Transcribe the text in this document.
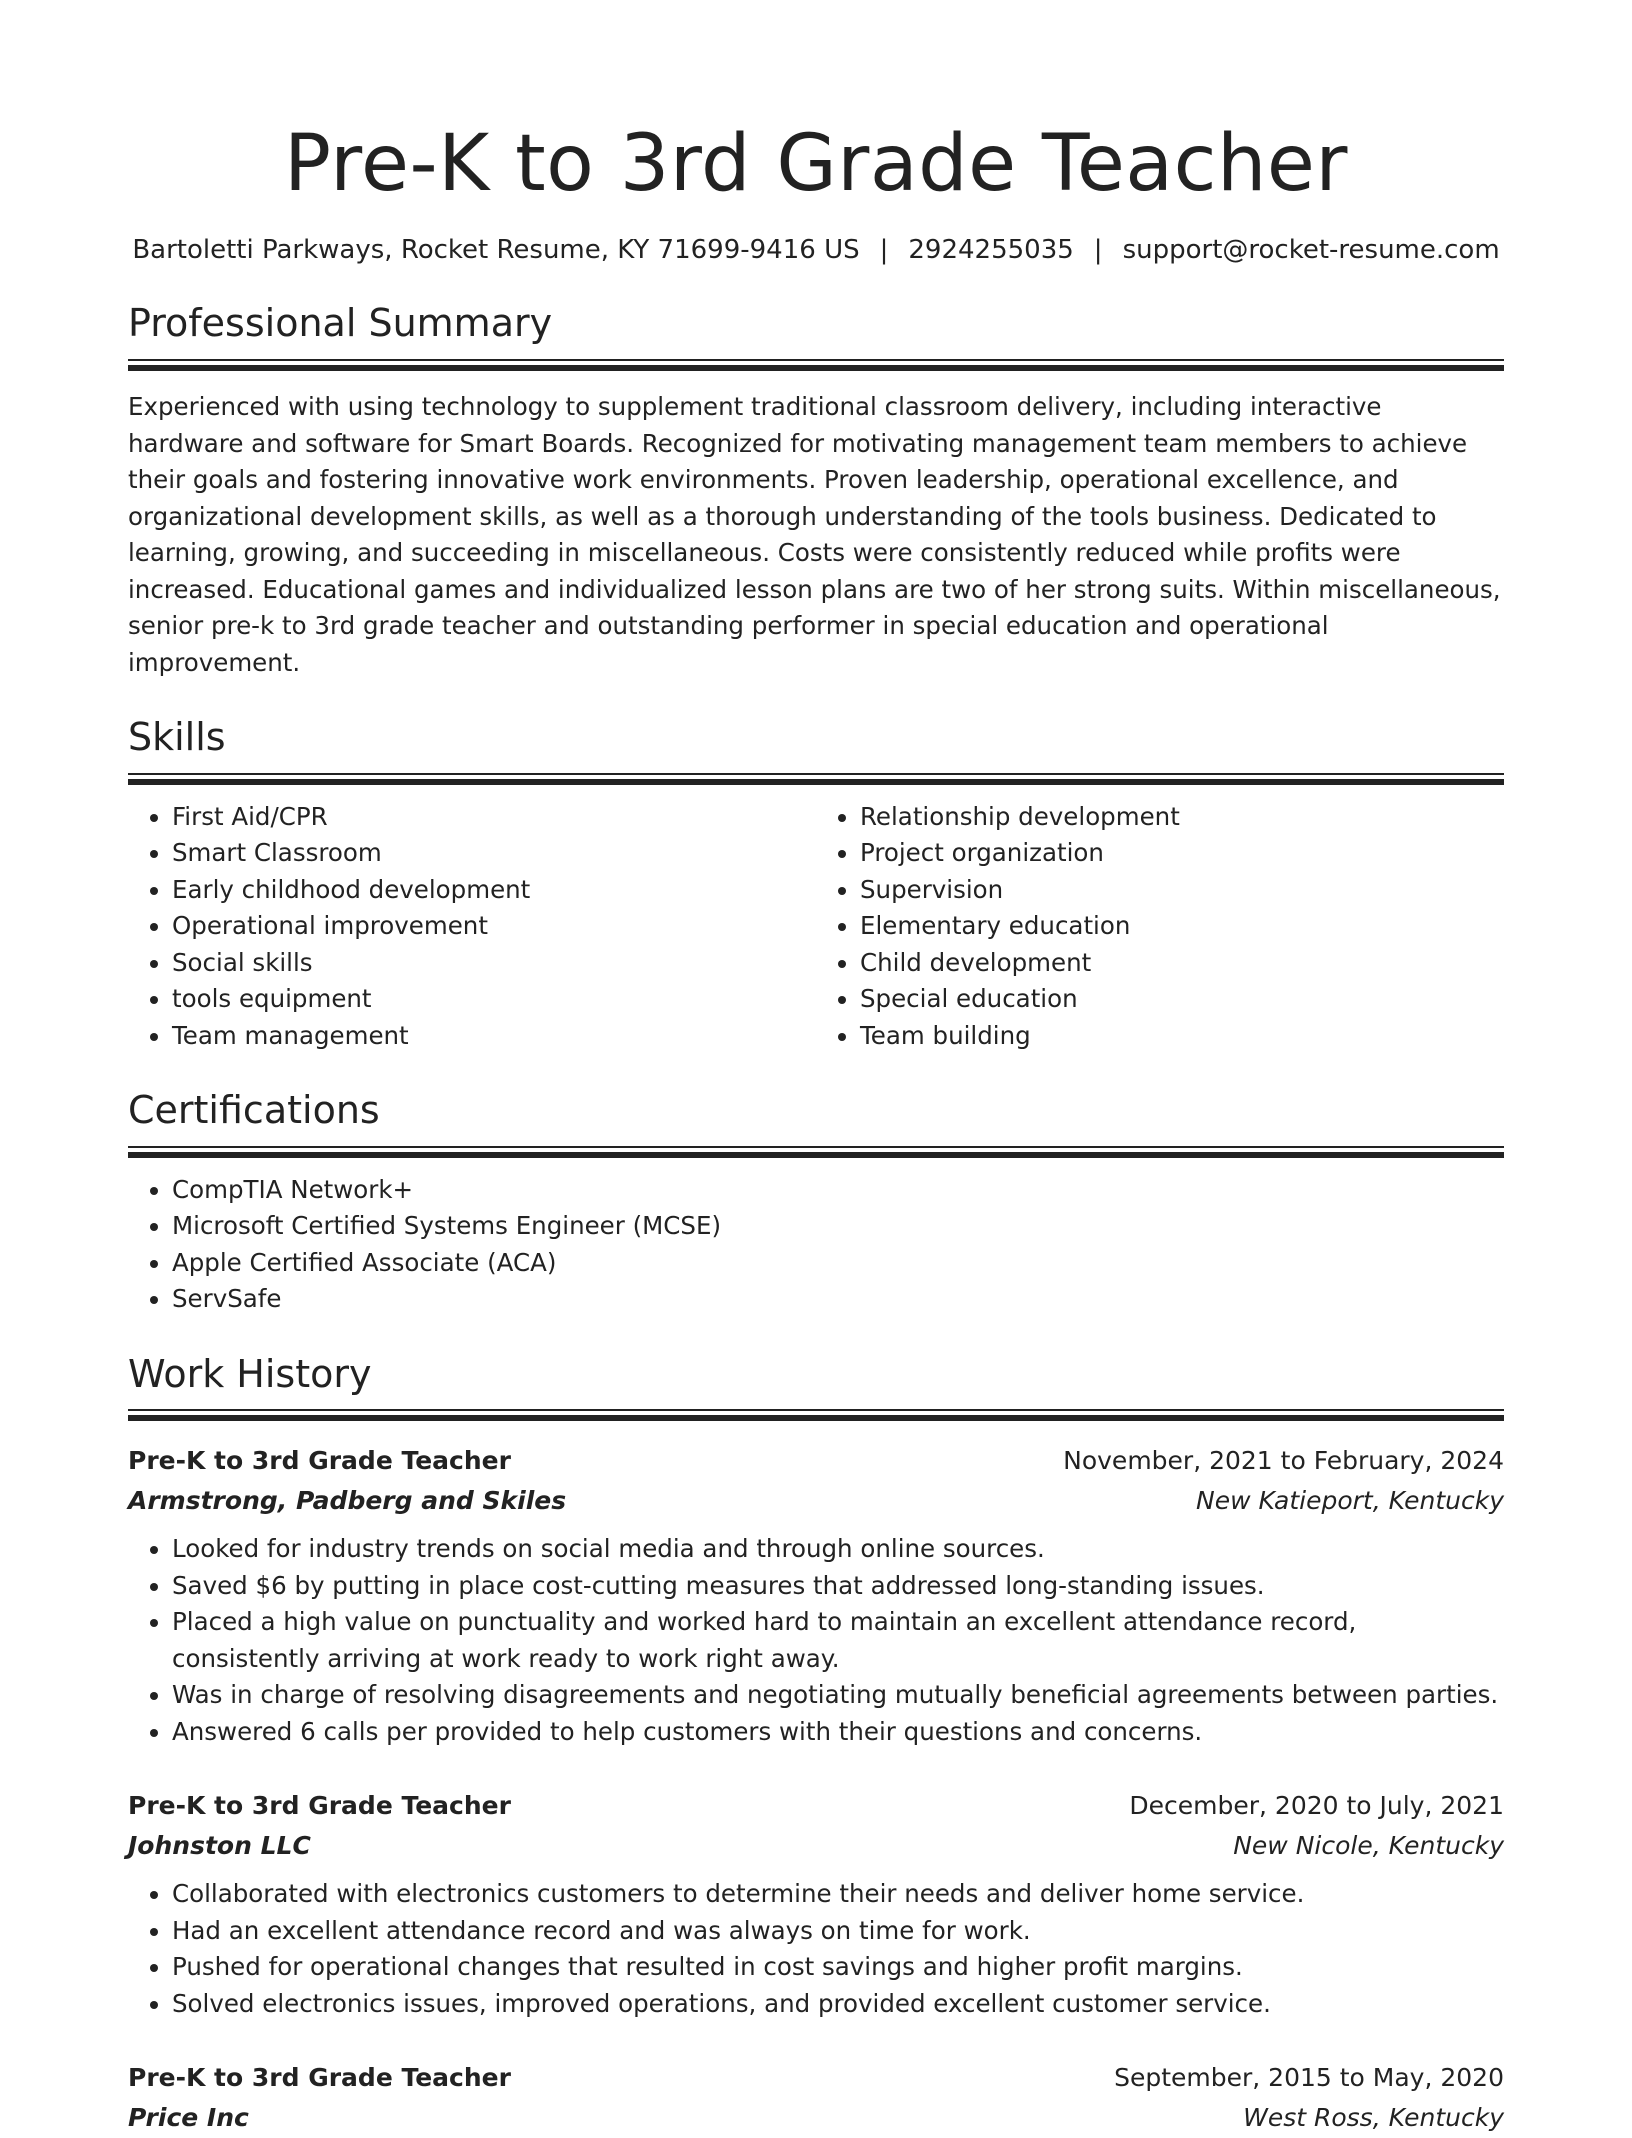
Pre-K to 3rd Grade Teacher
Bartoletti Parkways, Rocket Resume, KY 71699-9416 US | 2924255035 | support@rocket-resume.com
Professional Summary

Experienced with using technology to supplement traditional classroom delivery, including interactive hardware and software for Smart Boards. Recognized for motivating management team members to achieve their goals and fostering innovative work environments. Proven leadership, operational excellence, and organizational development skills, as well as a thorough understanding of the tools business. Dedicated to learning, growing, and succeeding in miscellaneous. Costs were consistently reduced while profits were increased. Educational games and individualized lesson plans are two of her strong suits. Within miscellaneous, senior pre-k to 3rd grade teacher and outstanding performer in special education and operational improvement.

Skills
• First Aid/CPR
• Smart Classroom
• Early childhood development
• Operational improvement
• Social skills
• tools equipment
• Team management
• Relationship development
• Project organization
• Supervision
• Elementary education
• Child development
• Special education
• Team building
Certifications
• CompTIA Network+
• Microsoft Certified Systems Engineer (MCSE)
• Apple Certified Associate (ACA)
• ServSafe
Work History
Pre-K to 3rd Grade Teacher	November, 2021 to February, 2024
Armstrong, Padberg and Skiles	New Katieport, Kentucky
• Looked for industry trends on social media and through online sources.
• Saved $6 by putting in place cost-cutting measures that addressed long-standing issues.
• Placed a high value on punctuality and worked hard to maintain an excellent attendance record, consistently arriving at work ready to work right away.
• Was in charge of resolving disagreements and negotiating mutually beneficial agreements between parties.
• Answered 6 calls per provided to help customers with their questions and concerns.
Pre-K to 3rd Grade Teacher	December, 2020 to July, 2021
Johnston LLC	New Nicole, Kentucky
• Collaborated with electronics customers to determine their needs and deliver home service.
• Had an excellent attendance record and was always on time for work.
• Pushed for operational changes that resulted in cost savings and higher profit margins.
• Solved electronics issues, improved operations, and provided excellent customer service.
Pre-K to 3rd Grade Teacher	September, 2015 to May, 2020
Price Inc	West Ross, Kentucky
